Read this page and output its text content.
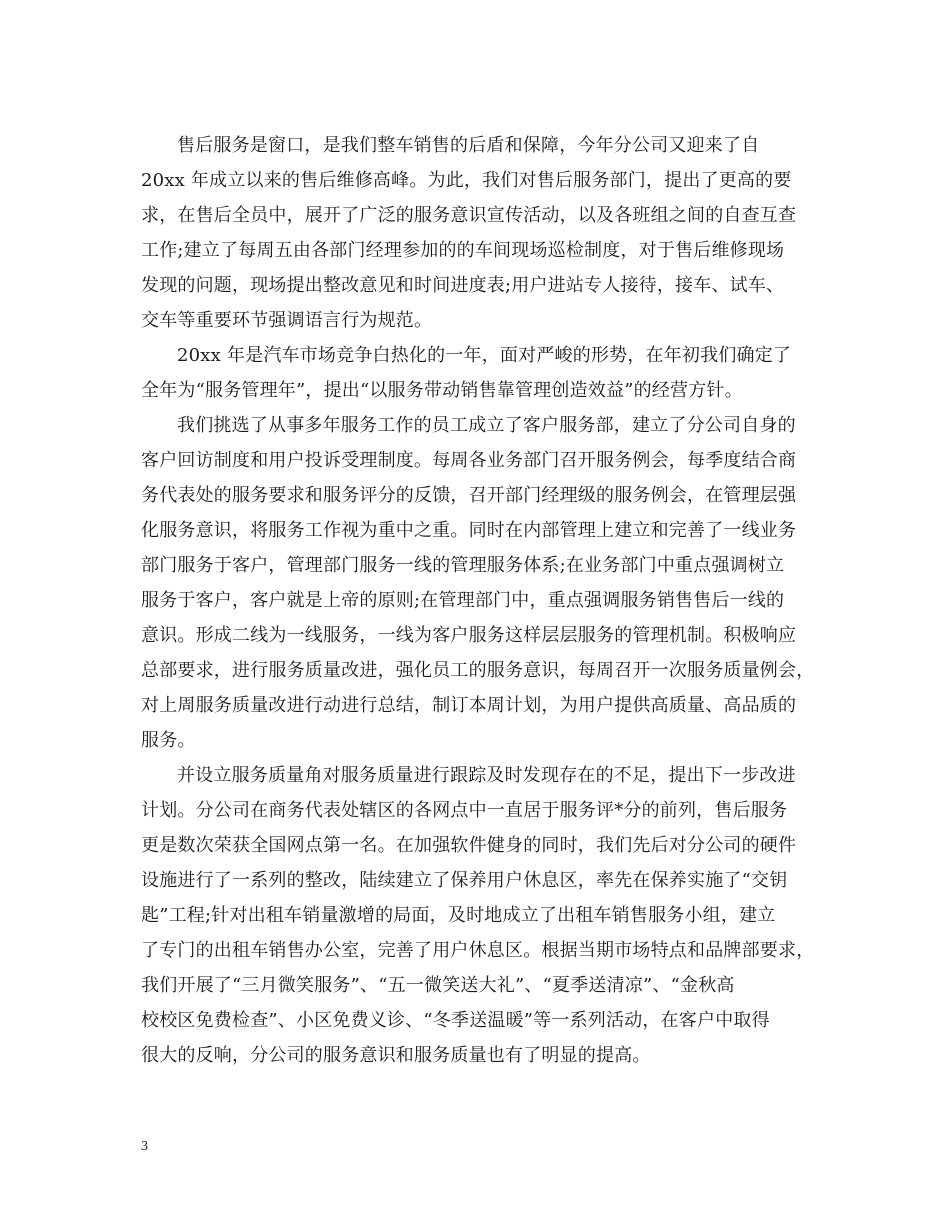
售后服务是窗口，是我们整车销售的后盾和保障，今年分公司又迎来了自
20xx 年成立以来的售后维修高峰。为此，我们对售后服务部门，提出了更高的要
求，在售后全员中，展开了广泛的服务意识宣传活动，以及各班组之间的自查互查
工作;建立了每周五由各部门经理参加的的车间现场巡检制度，对于售后维修现场
发现的问题，现场提出整改意见和时间进度表;用户进站专人接待，接车、试车、
交车等重要环节强调语言行为规范。
20xx 年是汽车市场竞争白热化的一年，面对严峻的形势，在年初我们确定了
全年为“服务管理年”，提出“以服务带动销售靠管理创造效益”的经营方针。
我们挑选了从事多年服务工作的员工成立了客户服务部，建立了分公司自身的
客户回访制度和用户投诉受理制度。每周各业务部门召开服务例会，每季度结合商
务代表处的服务要求和服务评分的反馈，召开部门经理级的服务例会，在管理层强
化服务意识，将服务工作视为重中之重。同时在内部管理上建立和完善了一线业务
部门服务于客户，管理部门服务一线的管理服务体系;在业务部门中重点强调树立
服务于客户，客户就是上帝的原则;在管理部门中，重点强调服务销售售后一线的
意识。形成二线为一线服务，一线为客户服务这样层层服务的管理机制。积极响应
总部要求，进行服务质量改进，强化员工的服务意识，每周召开一次服务质量例会，
对上周服务质量改进行动进行总结，制订本周计划，为用户提供高质量、高品质的
服务。
并设立服务质量角对服务质量进行跟踪及时发现存在的不足，提出下一步改进
计划。分公司在商务代表处辖区的各网点中一直居于服务评*分的前列，售后服务
更是数次荣获全国网点第一名。在加强软件健身的同时，我们先后对分公司的硬件
设施进行了一系列的整改，陆续建立了保养用户休息区，率先在保养实施了“交钥
匙”工程;针对出租车销量激增的局面，及时地成立了出租车销售服务小组，建立
了专门的出租车销售办公室，完善了用户休息区。根据当期市场特点和品牌部要求，
我们开展了“三月微笑服务”、“五一微笑送大礼”、“夏季送清凉”、“金秋高
校校区免费检查”、小区免费义诊、“冬季送温暖”等一系列活动，在客户中取得
很大的反响，分公司的服务意识和服务质量也有了明显的提高。
3
